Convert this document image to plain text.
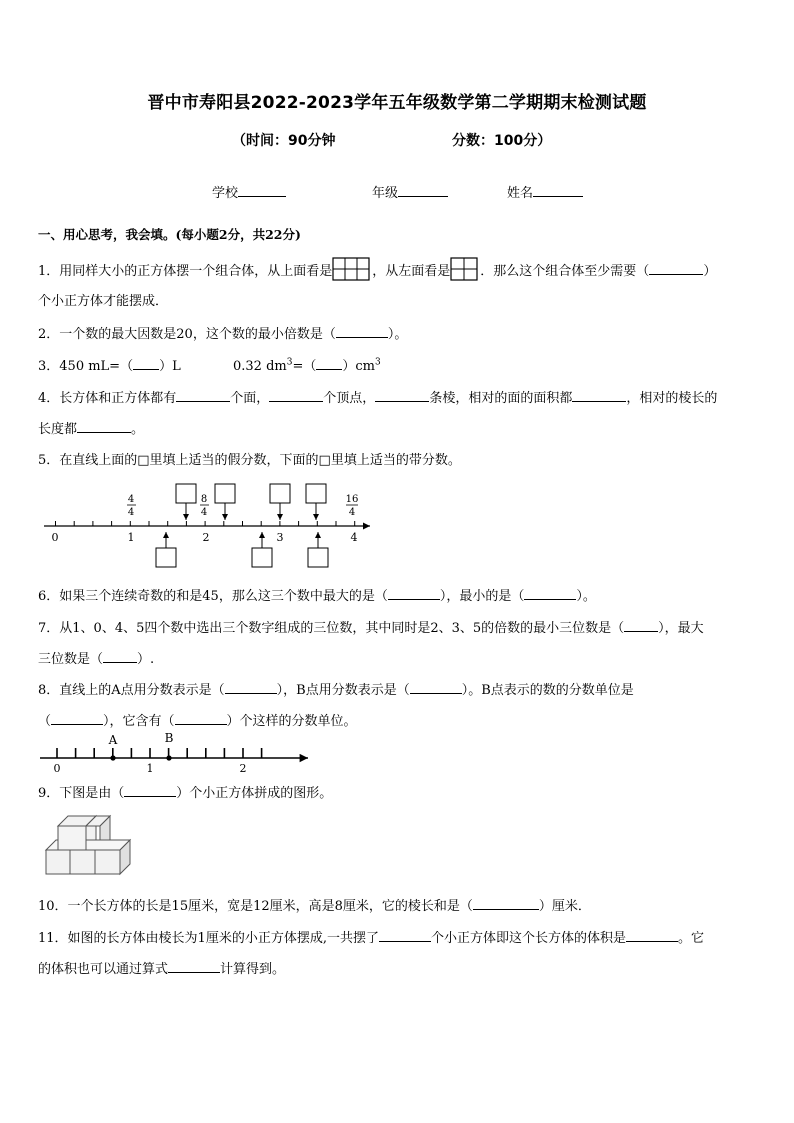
晋中市寿阳县2022-2023学年五年级数学第二学期期末检测试题
（时间：90分钟	分数：100分）
学校	年级	姓名
一、用心思考，我会填。(每小题2分，共22分)
1．用同样大小的正方体摆一个组合体，从上面看是	，从左面看是 ．那么这个组合体至少需要（	）
个小正方体才能摆成．
2．一个数的最大因数是20，这个数的最小倍数是（	）。
3．450 mL=（ ）L	0.32 $dm^3=$（ ）$cm^3$
4．长方体和正方体都有	个面，	个顶点，	条棱，相对的面的面积都	，相对的棱长的
长度都	。
5．在直线上面的□里填上适当的假分数，下面的□里填上适当的带分数。
4
4
8
4
16
4
0	1	2	3	4
6．如果三个连续奇数的和是45，那么这三个数中最大的是（	），最小的是（	）。
7．从1、0、4、5四个数中选出三个数字组成的三位数，其中同时是2、3、5的倍数的最小三位数是（	），最大
三位数是（	）.
8．直线上的A点用分数表示是（	），B点用分数表示是（	）。B点表示的数的分数单位是
（	），它含有（	）个这样的分数单位。
A	B
0	1	2
9．下图是由（	）个小正方体拼成的图形。
10．一个长方体的长是15厘米，宽是12厘米，高是8厘米，它的棱长和是（	）厘米．
11．如图的长方体由棱长为1厘米的小正方体摆成,一共摆了	个小正方体即这个长方体的体积是	。它
的体积也可以通过算式	计算得到。
